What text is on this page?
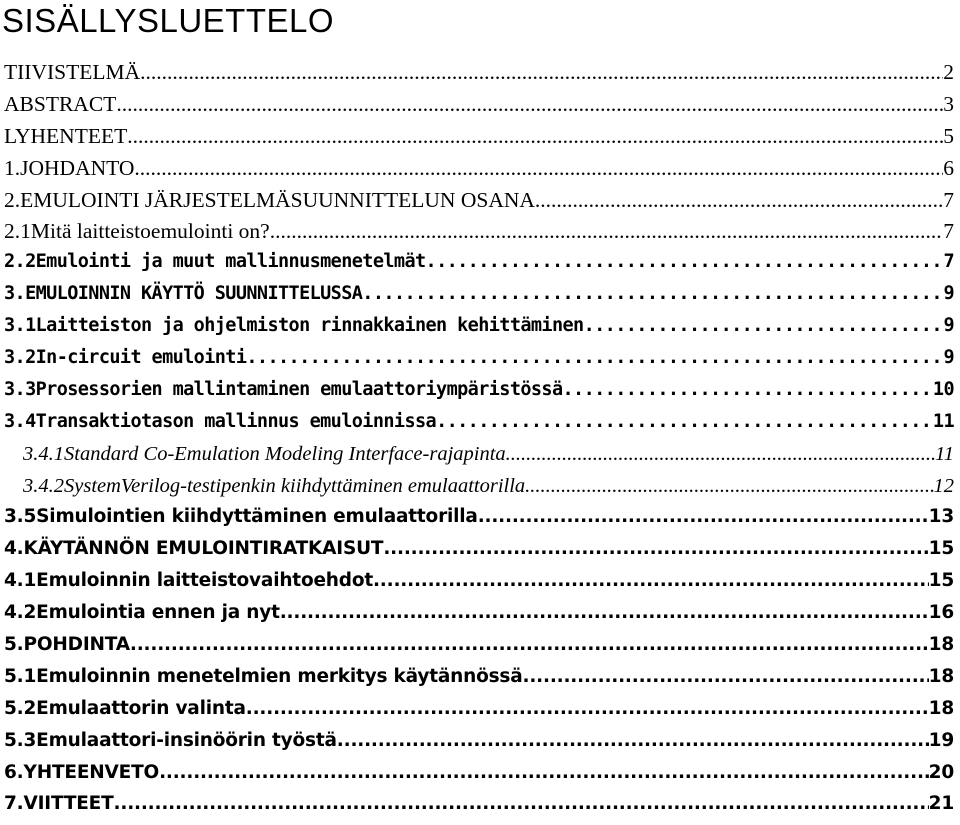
SISÄLLYSLUETTELO
TIIVISTELMÄ .....	2
ABSTRACT .....	3
LYHENTEET .....	5
1.JOHDANTO .....	6
2.EMULOINTI JÄRJESTELMÄSUUNNITTELUN OSANA .....	7
2.1Mitä laitteistoemulointi on? .....	7
2.2Emulointi ja muut mallinnusmenetelmät .....	7
3.EMULOINNIN KÄYTTÖ SUUNNITTELUSSA .....	9
3.1Laitteiston ja ohjelmiston rinnakkainen kehittäminen .....	9
3.2In-circuit emulointi .....	9
3.3Prosessorien mallintaminen emulaattoriympäristössä .....	10
3.4Transaktiotason mallinnus emuloinnissa .....	11
3.4.1Standard Co-Emulation Modeling Interface-rajapinta .....	11
3.4.2SystemVerilog-testipenkin kiihdyttäminen emulaattorilla .....	12
3.5Simulointien kiihdyttäminen emulaattorilla .....	13
4.KÄYTÄNNÖN EMULOINTIRATKAISUT .....	15
4.1Emuloinnin laitteistovaihtoehdot .....	15
4.2Emulointia ennen ja nyt .....	16
5.POHDINTA .....	18
5.1Emuloinnin menetelmien merkitys käytännössä .....	18
5.2Emulaattorin valinta .....	18
5.3Emulaattori-insinöörin työstä .....	19
6.YHTEENVETO .....	20
7.VIITTEET .....	21
